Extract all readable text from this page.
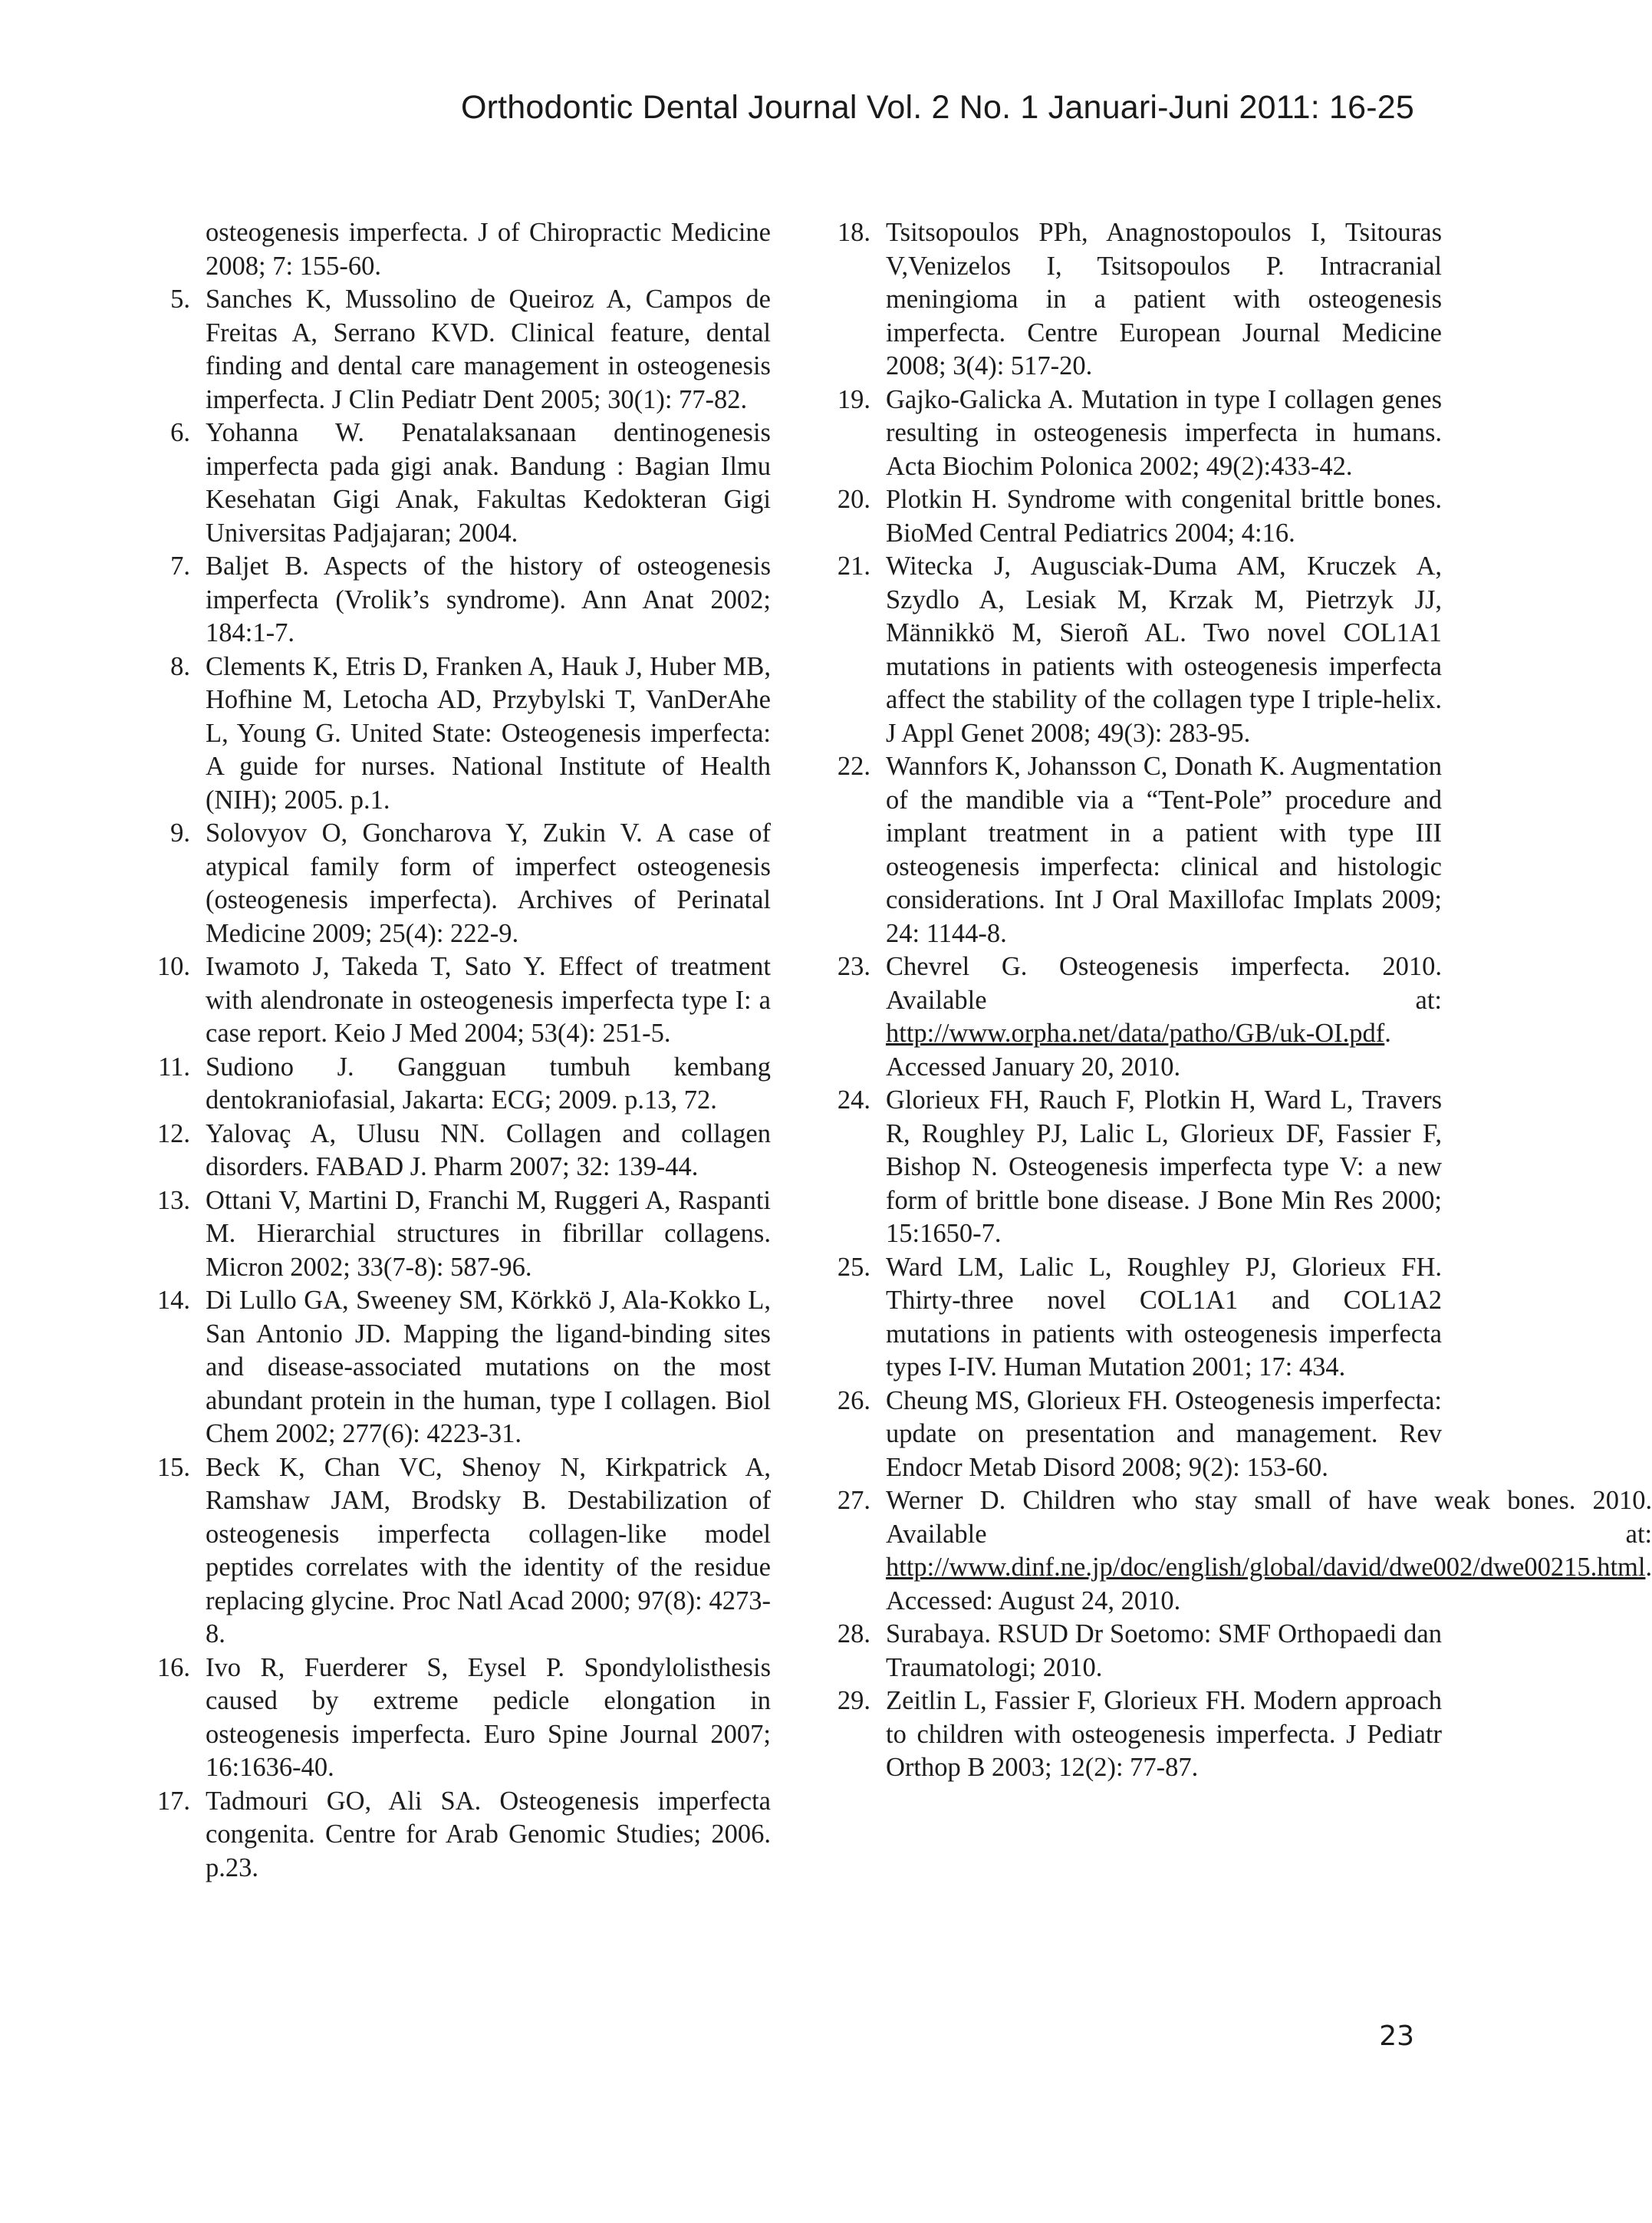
Orthodontic Dental Journal Vol. 2 No. 1 Januari-Juni 2011: 16-25
osteogenesis imperfecta. J of Chiropractic Medicine 2008; 7: 155-60.
5. Sanches K, Mussolino de Queiroz A, Campos de Freitas A, Serrano KVD. Clinical feature, dental finding and dental care management in osteogenesis imperfecta. J Clin Pediatr Dent 2005; 30(1): 77-82.
6. Yohanna W. Penatalaksanaan dentinogenesis imperfecta pada gigi anak. Bandung : Bagian Ilmu Kesehatan Gigi Anak, Fakultas Kedokteran Gigi Universitas Padjajaran; 2004.
7. Baljet B. Aspects of the history of osteogenesis imperfecta (Vrolik’s syndrome). Ann Anat 2002; 184:1-7.
8. Clements K, Etris D, Franken A, Hauk J, Huber MB, Hofhine M, Letocha AD, Przybylski T, VanDerAhe L, Young G. United State: Osteogenesis imperfecta: A guide for nurses. National Institute of Health (NIH); 2005. p.1.
9. Solovyov O, Goncharova Y, Zukin V. A case of atypical family form of imperfect osteogenesis (osteogenesis imperfecta). Archives of Perinatal Medicine 2009; 25(4): 222-9.
10. Iwamoto J, Takeda T, Sato Y. Effect of treatment with alendronate in osteogenesis imperfecta type I: a case report. Keio J Med 2004; 53(4): 251-5.
11. Sudiono J. Gangguan tumbuh kembang dentokraniofasial, Jakarta: ECG; 2009. p.13, 72.
12. Yalovaç A, Ulusu NN. Collagen and collagen disorders. FABAD J. Pharm 2007; 32: 139-44.
13. Ottani V, Martini D, Franchi M, Ruggeri A, Raspanti M. Hierarchial structures in fibrillar collagens. Micron 2002; 33(7-8): 587-96.
14. Di Lullo GA, Sweeney SM, Körkkö J, Ala-Kokko L, San Antonio JD. Mapping the ligand-binding sites and disease-associated mutations on the most abundant protein in the human, type I collagen. Biol Chem 2002; 277(6): 4223-31.
15. Beck K, Chan VC, Shenoy N, Kirkpatrick A, Ramshaw JAM, Brodsky B. Destabilization of osteogenesis imperfecta collagen-like model peptides correlates with the identity of the residue replacing glycine. Proc Natl Acad 2000; 97(8): 4273-8.
16. Ivo R, Fuerderer S, Eysel P. Spondylolisthesis caused by extreme pedicle elongation in osteogenesis imperfecta. Euro Spine Journal 2007; 16:1636-40.
17. Tadmouri GO, Ali SA. Osteogenesis imperfecta congenita. Centre for Arab Genomic Studies; 2006. p.23.
18. Tsitsopoulos PPh, Anagnostopoulos I, Tsitouras V,Venizelos I, Tsitsopoulos P. Intracranial meningioma in a patient with osteogenesis imperfecta. Centre European Journal Medicine 2008; 3(4): 517-20.
19. Gajko-Galicka A. Mutation in type I collagen genes resulting in osteogenesis imperfecta in humans. Acta Biochim Polonica 2002; 49(2):433-42.
20. Plotkin H. Syndrome with congenital brittle bones. BioMed Central Pediatrics 2004; 4:16.
21. Witecka J, Augusciak-Duma AM, Kruczek A, Szydlo A, Lesiak M, Krzak M, Pietrzyk JJ, Männikkö M, Sieroñ AL. Two novel COL1A1 mutations in patients with osteogenesis imperfecta affect the stability of the collagen type I triple-helix. J Appl Genet 2008; 49(3): 283-95.
22. Wannfors K, Johansson C, Donath K. Augmentation of the mandible via a “Tent-Pole” procedure and implant treatment in a patient with type III osteogenesis imperfecta: clinical and histologic considerations. Int J Oral Maxillofac Implats 2009; 24: 1144-8.
23. Chevrel G. Osteogenesis imperfecta. 2010. Available at: http://www.orpha.net/data/patho/GB/uk-OI.pdf. Accessed January 20, 2010.
24. Glorieux FH, Rauch F, Plotkin H, Ward L, Travers R, Roughley PJ, Lalic L, Glorieux DF, Fassier F, Bishop N. Osteogenesis imperfecta type V: a new form of brittle bone disease. J Bone Min Res 2000; 15:1650-7.
25. Ward LM, Lalic L, Roughley PJ, Glorieux FH. Thirty-three novel COL1A1 and COL1A2 mutations in patients with osteogenesis imperfecta types I-IV. Human Mutation 2001; 17: 434.
26. Cheung MS, Glorieux FH. Osteogenesis imperfecta: update on presentation and management. Rev Endocr Metab Disord 2008; 9(2): 153-60.
27. Werner D. Children who stay small of have weak bones. 2010. Available at: http://www.dinf.ne.jp/doc/english/global/david/dwe002/dwe00215.html. Accessed: August 24, 2010.
28. Surabaya. RSUD Dr Soetomo: SMF Orthopaedi dan Traumatologi; 2010.
29. Zeitlin L, Fassier F, Glorieux FH. Modern approach to children with osteogenesis imperfecta. J Pediatr Orthop B 2003; 12(2): 77-87.
23
